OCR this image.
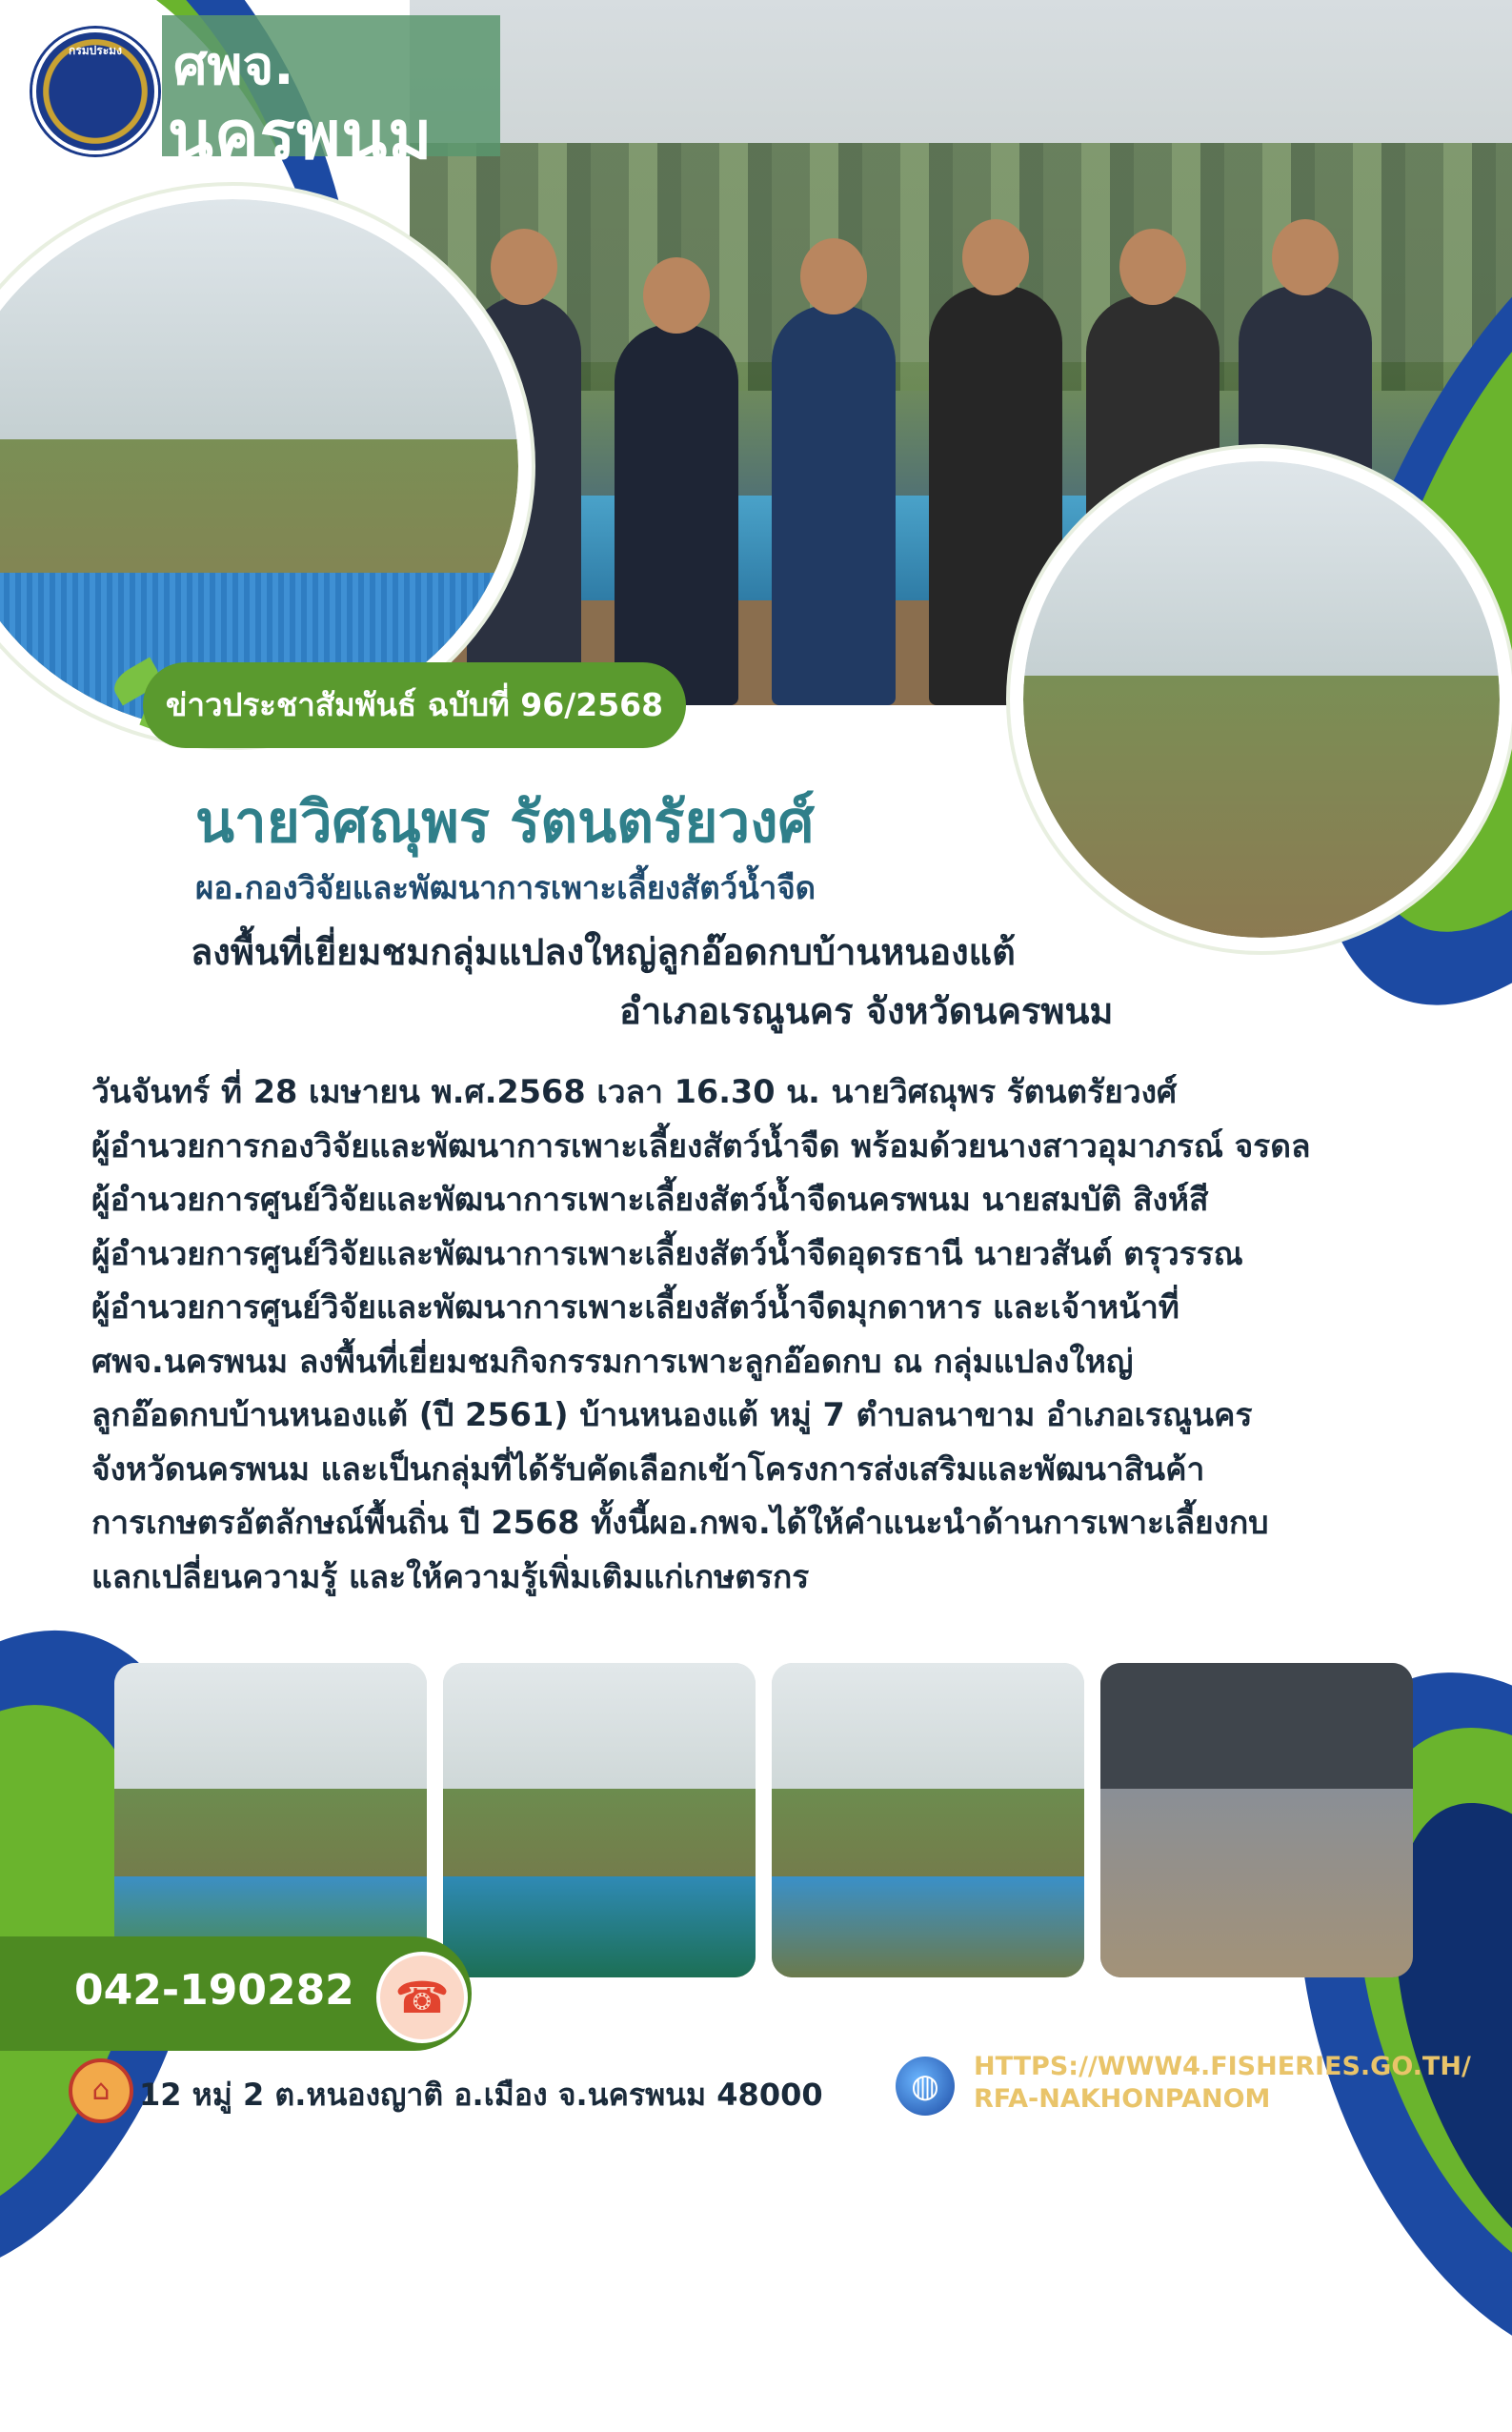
กรมประมง ศพจ.
นครพนม
ข่าวประชาสัมพันธ์ ฉบับที่ 96/2568
นายวิศณุพร รัตนตรัยวงศ์
ผอ.กองวิจัยและพัฒนาการเพาะเลี้ยงสัตว์น้ำจืด
ลงพื้นที่เยี่ยมชมกลุ่มแปลงใหญ่ลูกอ๊อดกบบ้านหนองแต้
อำเภอเรณูนคร จังหวัดนครพนม
วันจันทร์ ที่ 28 เมษายน พ.ศ.2568 เวลา 16.30 น. นายวิศณุพร รัตนตรัยวงศ์
ผู้อำนวยการกองวิจัยและพัฒนาการเพาะเลี้ยงสัตว์น้ำจืด พร้อมด้วยนางสาวอุมาภรณ์ จรดล
ผู้อำนวยการศูนย์วิจัยและพัฒนาการเพาะเลี้ยงสัตว์น้ำจืดนครพนม นายสมบัติ สิงห์สี
ผู้อำนวยการศูนย์วิจัยและพัฒนาการเพาะเลี้ยงสัตว์น้ำจืดอุดรธานี นายวสันต์ ตรุวรรณ
ผู้อำนวยการศูนย์วิจัยและพัฒนาการเพาะเลี้ยงสัตว์น้ำจืดมุกดาหาร และเจ้าหน้าที่
ศพจ.นครพนม ลงพื้นที่เยี่ยมชมกิจกรรมการเพาะลูกอ๊อดกบ ณ กลุ่มแปลงใหญ่
ลูกอ๊อดกบบ้านหนองแต้ (ปี 2561) บ้านหนองแต้ หมู่ 7 ตำบลนาขาม อำเภอเรณูนคร
จังหวัดนครพนม และเป็นกลุ่มที่ได้รับคัดเลือกเข้าโครงการส่งเสริมและพัฒนาสินค้า
การเกษตรอัตลักษณ์พื้นถิ่น ปี 2568 ทั้งนี้ผอ.กพจ.ได้ให้คำแนะนำด้านการเพาะเลี้ยงกบ
แลกเปลี่ยนความรู้ และให้ความรู้เพิ่มเติมแก่เกษตรกร
042-190282 ☎
⌂ 12 หมู่ 2 ต.หนองญาติ อ.เมือง จ.นครพนม 48000	◍
HTTPS://WWW4.FISHERIES.GO.TH/
RFA-NAKHONPANOM
